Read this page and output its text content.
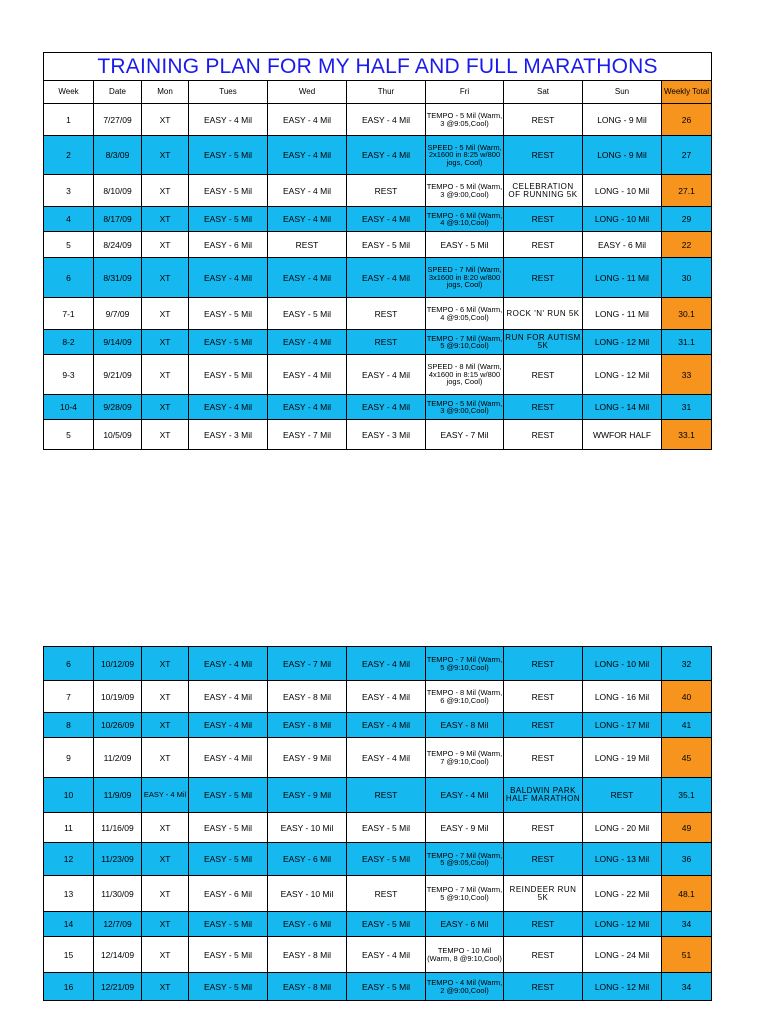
TRAINING PLAN FOR MY HALF AND FULL MARATHONS									
Week	Date	Mon	Tues	Wed	Thur	Fri	Sat	Sun	Weekly Total
1	7/27/09	XT	EASY - 4 Mil	EASY - 4 Mil	EASY - 4 Mil	TEMPO - 5 Mil (Warm, 3 @9:05,Cool)	REST	LONG - 9 Mil	26
2	8/3/09	XT	EASY - 5 Mil	EASY - 4 Mil	EASY - 4 Mil	SPEED - 5 Mil (Warm, 2x1600 in 8:25 w/800 jogs, Cool)	REST	LONG - 9 Mil	27
3	8/10/09	XT	EASY - 5 Mil	EASY - 4 Mil	REST	TEMPO - 5 Mil (Warm, 3 @9:00,Cool)	CELEBRATION OF RUNNING 5K	LONG - 10 Mil	27.1
4	8/17/09	XT	EASY - 5 Mil	EASY - 4 Mil	EASY - 4 Mil	TEMPO - 6 Mil (Warm, 4 @9:10,Cool)	REST	LONG - 10 Mil	29
5	8/24/09	XT	EASY - 6 Mil	REST	EASY - 5 Mil	EASY - 5 Mil	REST	EASY - 6 Mil	22
6	8/31/09	XT	EASY - 4 Mil	EASY - 4 Mil	EASY - 4 Mil	SPEED - 7 Mil (Warm, 3x1600 in 8:20 w/800 jogs, Cool)	REST	LONG - 11 Mil	30
7-1	9/7/09	XT	EASY - 5 Mil	EASY - 5 Mil	REST	TEMPO - 6 Mil (Warm, 4 @9:05,Cool)	ROCK 'N' RUN 5K	LONG - 11 Mil	30.1
8-2	9/14/09	XT	EASY - 5 Mil	EASY - 4 Mil	REST	TEMPO - 7 Mil (Warm, 5 @9:10,Cool)	RUN FOR AUTISM 5K	LONG - 12 Mil	31.1
9-3	9/21/09	XT	EASY - 5 Mil	EASY - 4 Mil	EASY - 4 Mil	SPEED - 8 Mil (Warm, 4x1600 in 8:15 w/800 jogs, Cool)	REST	LONG - 12 Mil	33
10-4	9/28/09	XT	EASY - 4 Mil	EASY - 4 Mil	EASY - 4 Mil	TEMPO - 5 Mil (Warm, 3 @9:00,Cool)	REST	LONG - 14 Mil	31
5	10/5/09	XT	EASY - 3 Mil	EASY - 7 Mil	EASY - 3 Mil	EASY - 7 Mil	REST	WWFOR HALF	33.1
6	10/12/09	XT	EASY - 4 Mil	EASY - 7 Mil	EASY - 4 Mil	TEMPO - 7 Mil (Warm, 5 @9:10,Cool)	REST	LONG - 10 Mil	32
7	10/19/09	XT	EASY - 4 Mil	EASY - 8 Mil	EASY - 4 Mil	TEMPO - 8 Mil (Warm, 6 @9:10,Cool)	REST	LONG - 16 Mil	40
8	10/26/09	XT	EASY - 4 Mil	EASY - 8 Mil	EASY - 4 Mil	EASY - 8 Mil	REST	LONG - 17 Mil	41
9	11/2/09	XT	EASY - 4 Mil	EASY - 9 Mil	EASY - 4 Mil	TEMPO - 9 Mil (Warm, 7 @9:10,Cool)	REST	LONG - 19 Mil	45
10	11/9/09	EASY - 4 Mil	EASY - 5 Mil	EASY - 9 Mil	REST	EASY - 4 Mil	BALDWIN PARK HALF MARATHON	REST	35.1
11	11/16/09	XT	EASY - 5 Mil	EASY - 10 Mil	EASY - 5 Mil	EASY - 9 Mil	REST	LONG - 20 Mil	49
12	11/23/09	XT	EASY - 5 Mil	EASY - 6 Mil	EASY - 5 Mil	TEMPO - 7 Mil (Warm, 5 @9:05,Cool)	REST	LONG - 13 Mil	36
13	11/30/09	XT	EASY - 6 Mil	EASY - 10 Mil	REST	TEMPO - 7 Mil (Warm, 5 @9:10,Cool)	REINDEER RUN 5K	LONG - 22 Mil	48.1
14	12/7/09	XT	EASY - 5 Mil	EASY - 6 Mil	EASY - 5 Mil	EASY - 6 Mil	REST	LONG - 12 Mil	34
15	12/14/09	XT	EASY - 5 Mil	EASY - 8 Mil	EASY - 4 Mil	TEMPO - 10 Mil (Warm, 8 @9:10,Cool)	REST	LONG - 24 Mil	51
16	12/21/09	XT	EASY - 5 Mil	EASY - 8 Mil	EASY - 5 Mil	TEMPO - 4 Mil (Warm, 2 @9:00,Cool)	REST	LONG - 12 Mil	34
